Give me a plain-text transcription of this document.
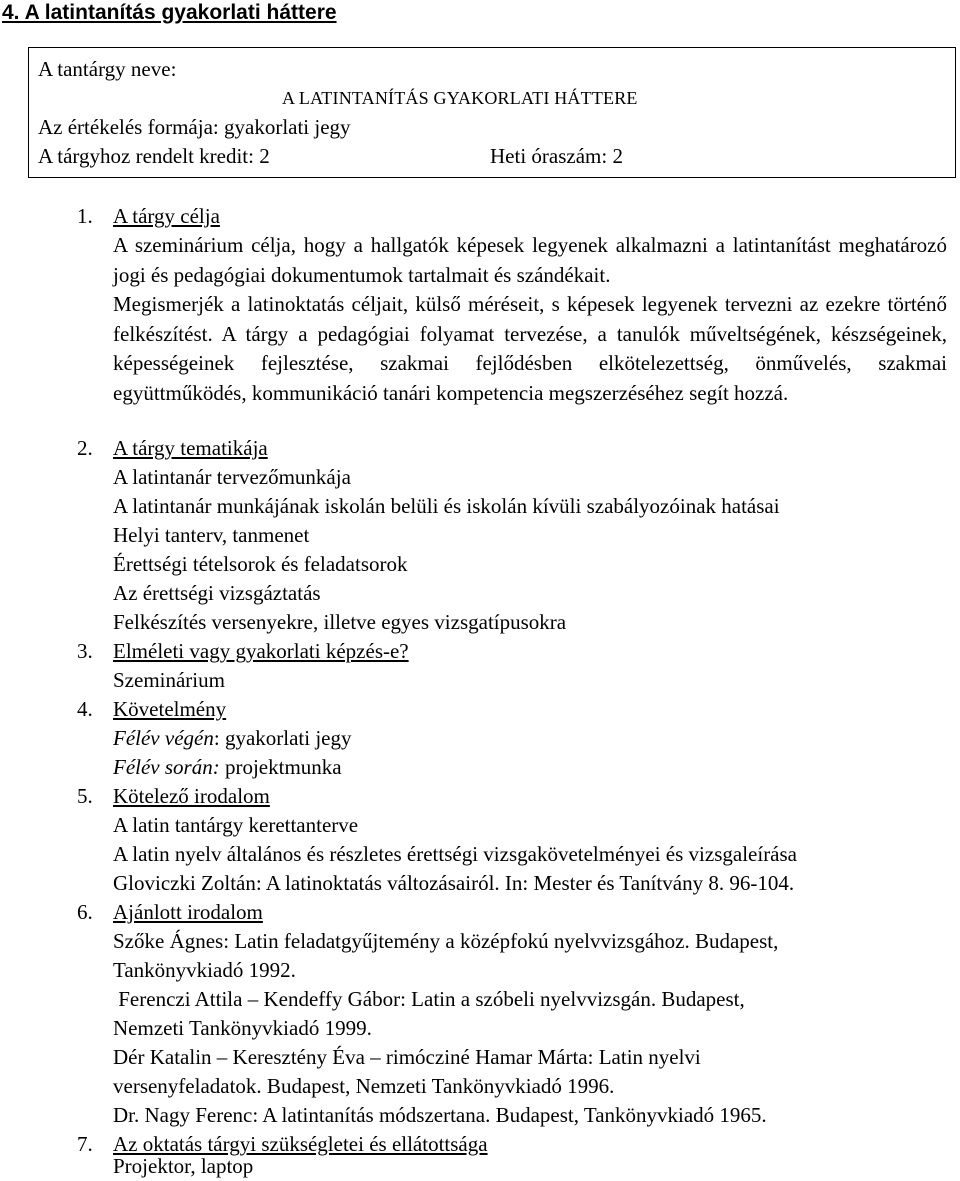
4. A latintanítás gyakorlati háttere
A tantárgy neve:
A LATINTANÍTÁS GYAKORLATI HÁTTERE
Az értékelés formája: gyakorlati jegy
A tárgyhoz rendelt kredit: 2	Heti óraszám: 2
1. A tárgy célja

A szeminárium célja, hogy a hallgatók képesek legyenek alkalmazni a latintanítást meghatározó jogi és pedagógiai dokumentumok tartalmait és szándékait.

Megismerjék a latinoktatás céljait, külső méréseit, s képesek legyenek tervezni az ezekre történő felkészítést. A tárgy a pedagógiai folyamat tervezése, a tanulók műveltségének, készségeinek, képességeinek fejlesztése, szakmai fejlődésben elkötelezettség, önművelés, szakmai együttműködés, kommunikáció tanári kompetencia megszerzéséhez segít hozzá.

2. A tárgy tematikája
A latintanár tervezőmunkája
A latintanár munkájának iskolán belüli és iskolán kívüli szabályozóinak hatásai
Helyi tanterv, tanmenet
Érettségi tételsorok és feladatsorok
Az érettségi vizsgáztatás
Felkészítés versenyekre, illetve egyes vizsgatípusokra
3. Elméleti vagy gyakorlati képzés-e?
Szeminárium
4. Követelmény
Félév végén: gyakorlati jegy
Félév során: projektmunka
5. Kötelező irodalom
A latin tantárgy kerettanterve
A latin nyelv általános és részletes érettségi vizsgakövetelményei és vizsgaleírása
Gloviczki Zoltán: A latinoktatás változásairól. In: Mester és Tanítvány 8. 96-104.
6. Ajánlott irodalom
Szőke Ágnes: Latin feladatgyűjtemény a középfokú nyelvvizsgához. Budapest,
Tankönyvkiadó 1992.
Ferenczi Attila – Kendeffy Gábor: Latin a szóbeli nyelvvizsgán. Budapest,
Nemzeti Tankönyvkiadó 1999.
Dér Katalin – Keresztény Éva – rimócziné Hamar Márta: Latin nyelvi
versenyfeladatok. Budapest, Nemzeti Tankönyvkiadó 1996.
Dr. Nagy Ferenc: A latintanítás módszertana. Budapest, Tankönyvkiadó 1965.
7. Az oktatás tárgyi szükségletei és ellátottsága
Projektor, laptop
